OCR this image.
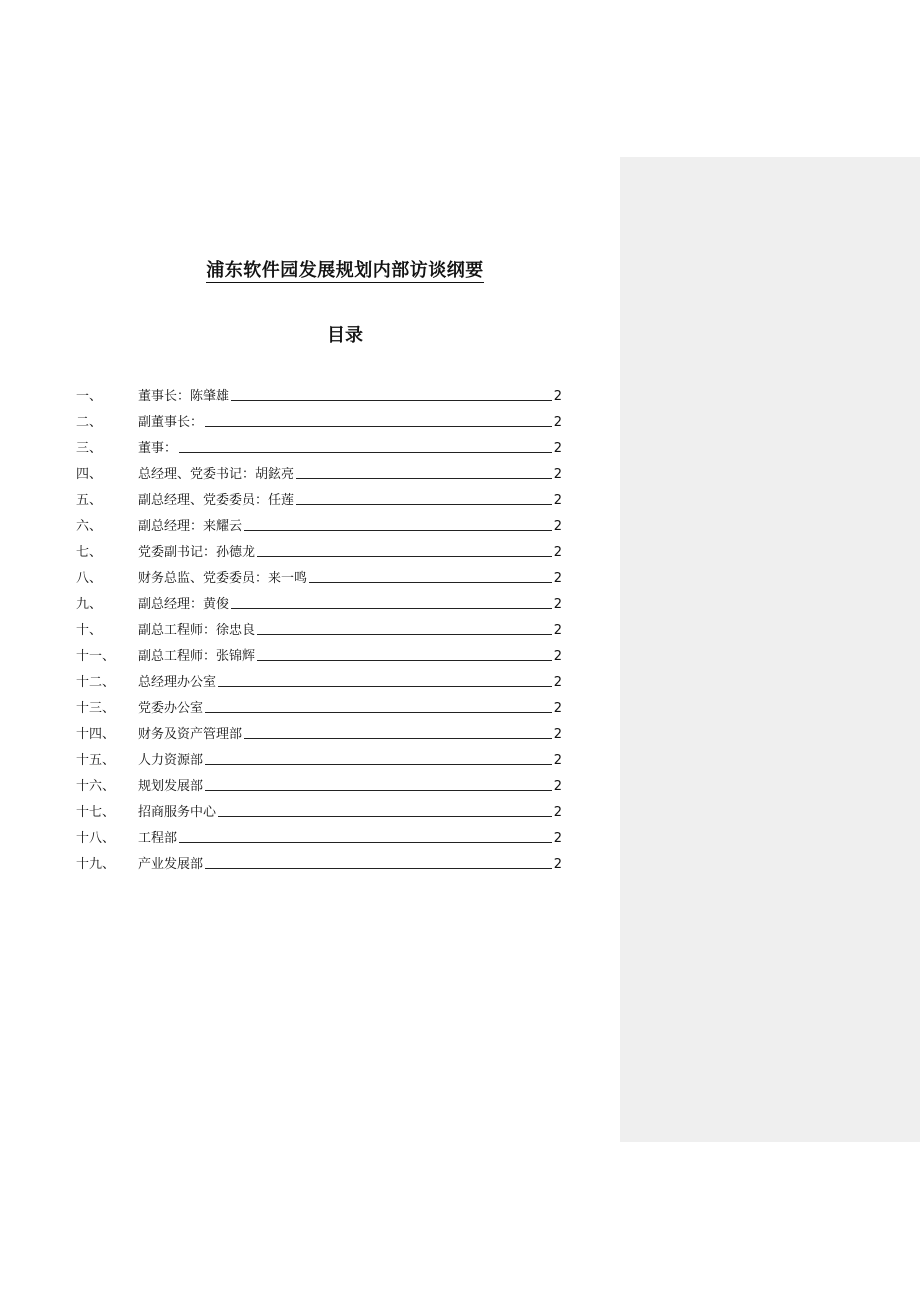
浦东软件园发展规划内部访谈纲要
目录
一、	董事长：陈肇雄	2
二、	副董事长：	2
三、	董事：	2
四、	总经理、党委书记：胡鉉亮	2
五、	副总经理、党委委员：任莲	2
六、	副总经理：来耀云	2
七、	党委副书记：孙德龙	2
八、	财务总监、党委委员：来一鸣	2
九、	副总经理：黄俊	2
十、	副总工程师：徐忠良	2
十一、	副总工程师：张锦辉	2
十二、	总经理办公室	2
十三、	党委办公室	2
十四、	财务及资产管理部	2
十五、	人力资源部	2
十六、	规划发展部	2
十七、	招商服务中心	2
十八、	工程部	2
十九、	产业发展部	2
